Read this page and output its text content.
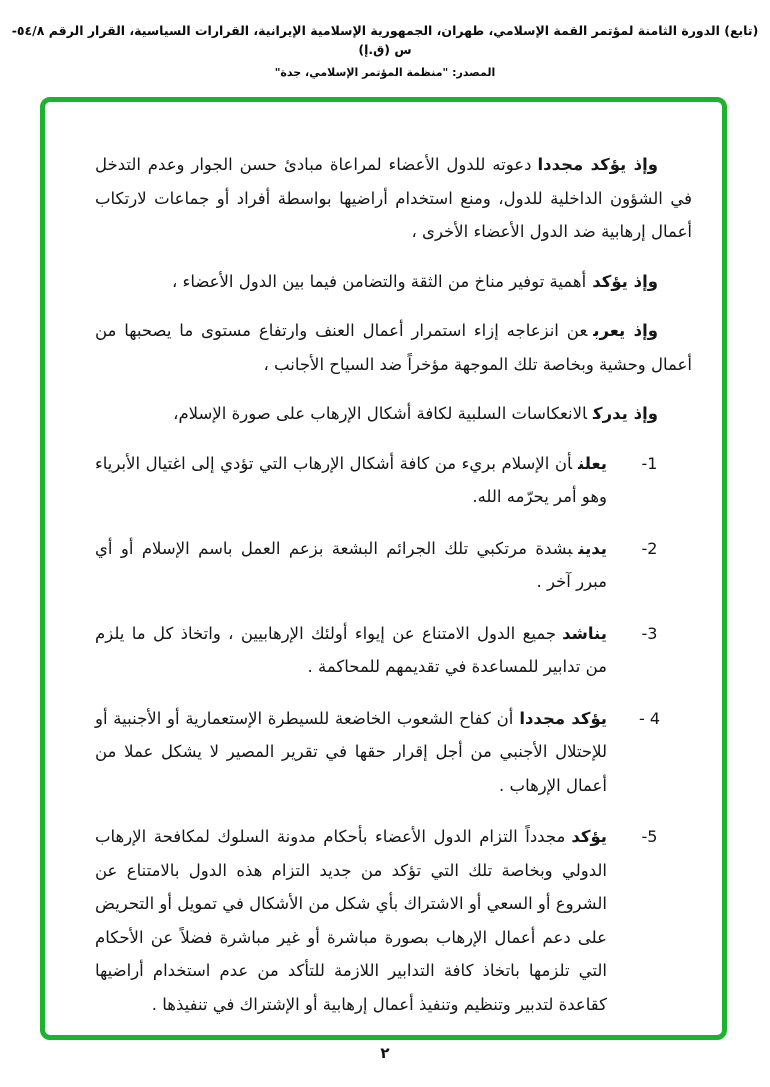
(تابع) الدورة الثامنة لمؤتمر القمة الإسلامي، طهران، الجمهورية الإسلامية الإيرانية، القرارات السياسية، القرار الرقم ٥٤/٨-س (ق.إ)
المصدر: "منظمة المؤتمر الإسلامي، جدة"

وإذ يؤكد مجددادعوته للدول الأعضاء لمراعاة مبادئ حسن الجوار وعدم التدخل في الشؤون الداخلية للدول، ومنع استخدام أراضيها بواسطة أفراد أو جماعات لارتكاب أعمال إرهابية ضد الدول الأعضاء الأخرى ،

وإذ يؤكدأهمية توفير مناخ من الثقة والتضامن فيما بين الدول الأعضاء ،

وإذ يعربعن انزعاجه إزاء استمرار أعمال العنف وارتفاع مستوى ما يصحبها من أعمال وحشية وبخاصة تلك الموجهة مؤخراً ضد السياح الأجانب ،

وإذ يدركالانعكاسات السلبية لكافة أشكال الإرهاب على صورة الإسلام،

-1
يعلنأن الإسلام بريء من كافة أشكال الإرهاب التي تؤدي إلى اغتيال الأبرياء وهو أمر يحرّمه الله.
-2
يدينبشدة مرتكبي تلك الجرائم البشعة بزعم العمل باسم الإسلام أو أي مبرر آخر .
-3
يناشدجميع الدول الامتناع عن إيواء أولئك الإرهابيين ، واتخاذ كل ما يلزم من تدابير للمساعدة في تقديمهم للمحاكمة .
- 4
يؤكد مجدداأن كفاح الشعوب الخاضعة للسيطرة الإستعمارية أو الأجنبية أو للإحتلال الأجنبي من أجل إقرار حقها في تقرير المصير لا يشكل عملا من أعمال الإرهاب .
-5
يؤكدمجدداً التزام الدول الأعضاء بأحكام مدونة السلوك لمكافحة الإرهاب الدولي وبخاصة تلك التي تؤكد من جديد التزام هذه الدول بالامتناع عن الشروع أو السعي أو الاشتراك بأي شكل من الأشكال في تمويل أو التحريض على دعم أعمال الإرهاب بصورة مباشرة أو غير مباشرة فضلاً عن الأحكام التي تلزمها باتخاذ كافة التدابير اللازمة للتأكد من عدم استخدام أراضيها كقاعدة لتدبير وتنظيم وتنفيذ أعمال إرهابية أو الإشتراك في تنفيذها .
٢
